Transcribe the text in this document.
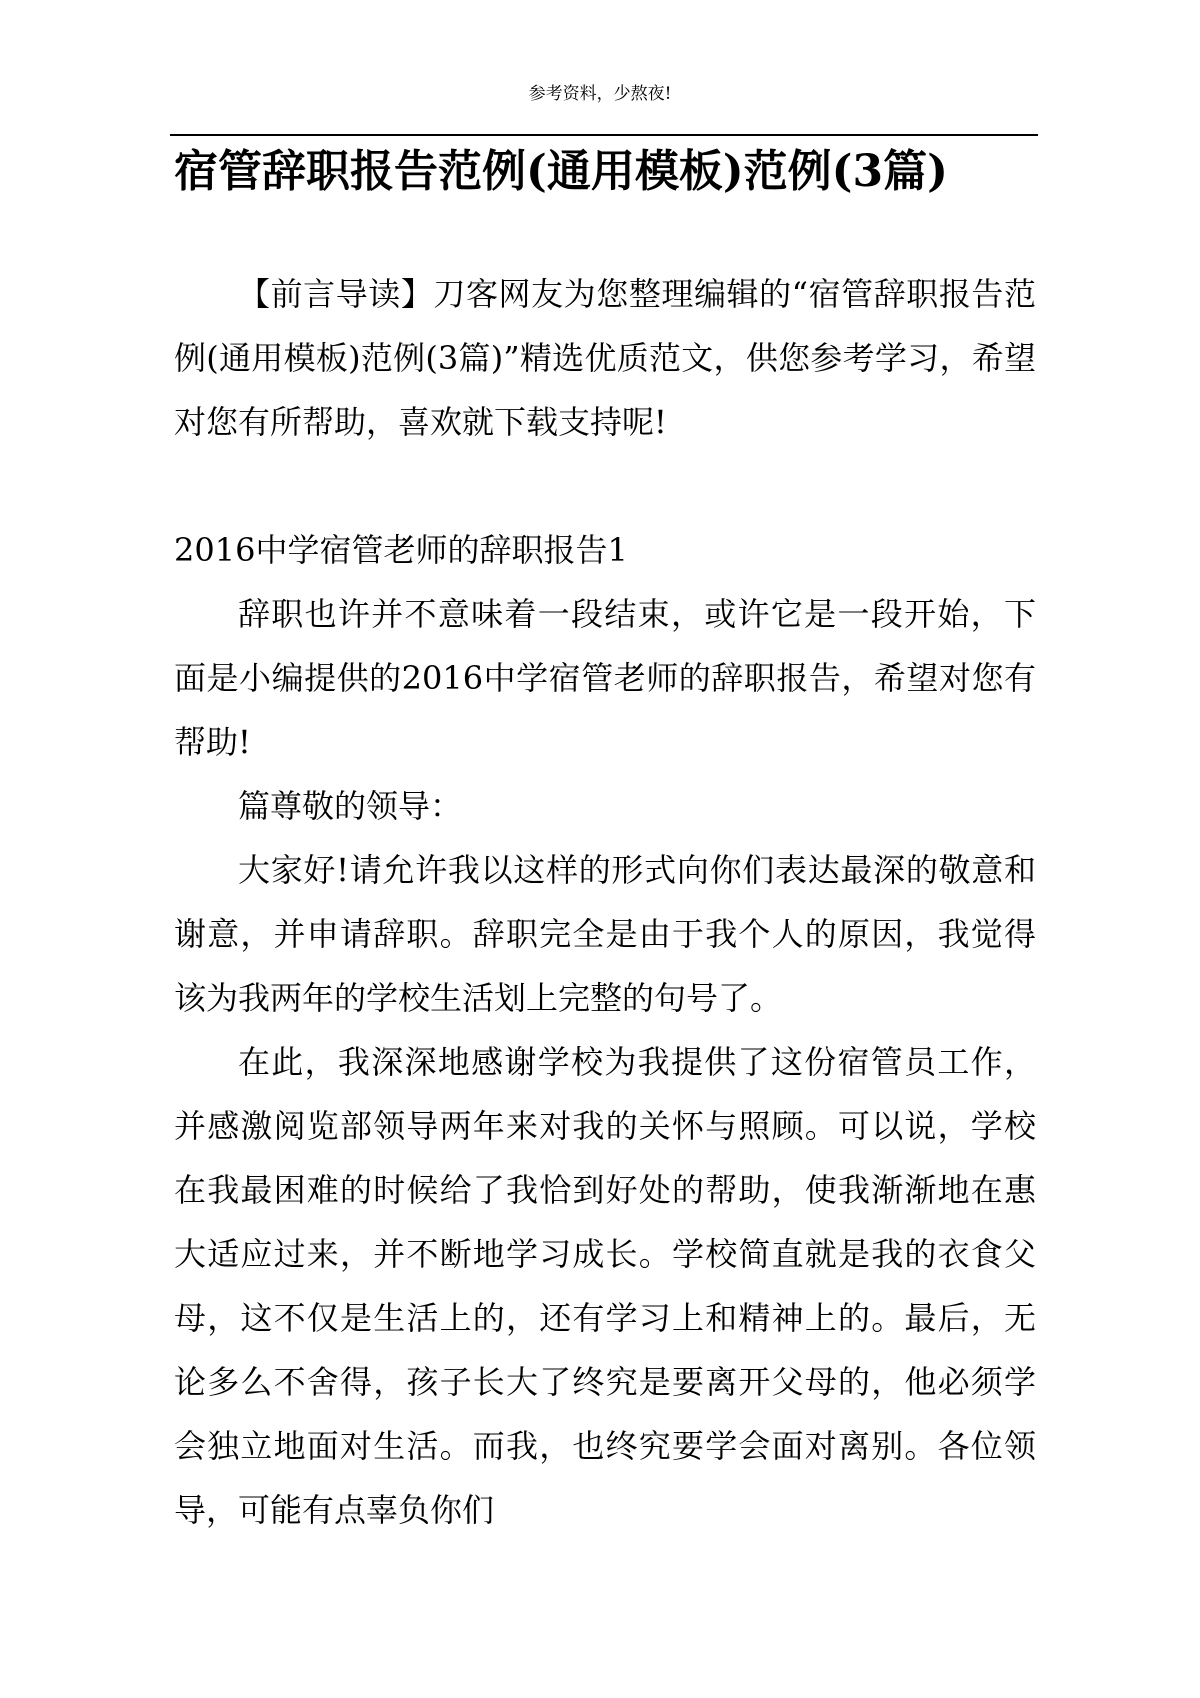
参考资料，少熬夜!
宿管辞职报告范例(通用模板)范例(3篇)

【前言导读】刀客网友为您整理编辑的“宿管辞职报告范例(通用模板)范例(3篇)”精选优质范文，供您参考学习，希望对您有所帮助，喜欢就下载支持呢!

2016中学宿管老师的辞职报告1

辞职也许并不意味着一段结束，或许它是一段开始，下面是小编提供的2016中学宿管老师的辞职报告，希望对您有帮助!

篇尊敬的领导：

大家好!请允许我以这样的形式向你们表达最深的敬意和谢意，并申请辞职。辞职完全是由于我个人的原因，我觉得该为我两年的学校生活划上完整的句号了。

在此，我深深地感谢学校为我提供了这份宿管员工作，并感激阅览部领导两年来对我的关怀与照顾。可以说，学校在我最困难的时候给了我恰到好处的帮助，使我渐渐地在惠大适应过来，并不断地学习成长。学校简直就是我的衣食父母，这不仅是生活上的，还有学习上和精神上的。最后，无论多么不舍得，孩子长大了终究是要离开父母的，他必须学会独立地面对生活。而我，也终究要学会面对离别。各位领导，可能有点辜负你们
